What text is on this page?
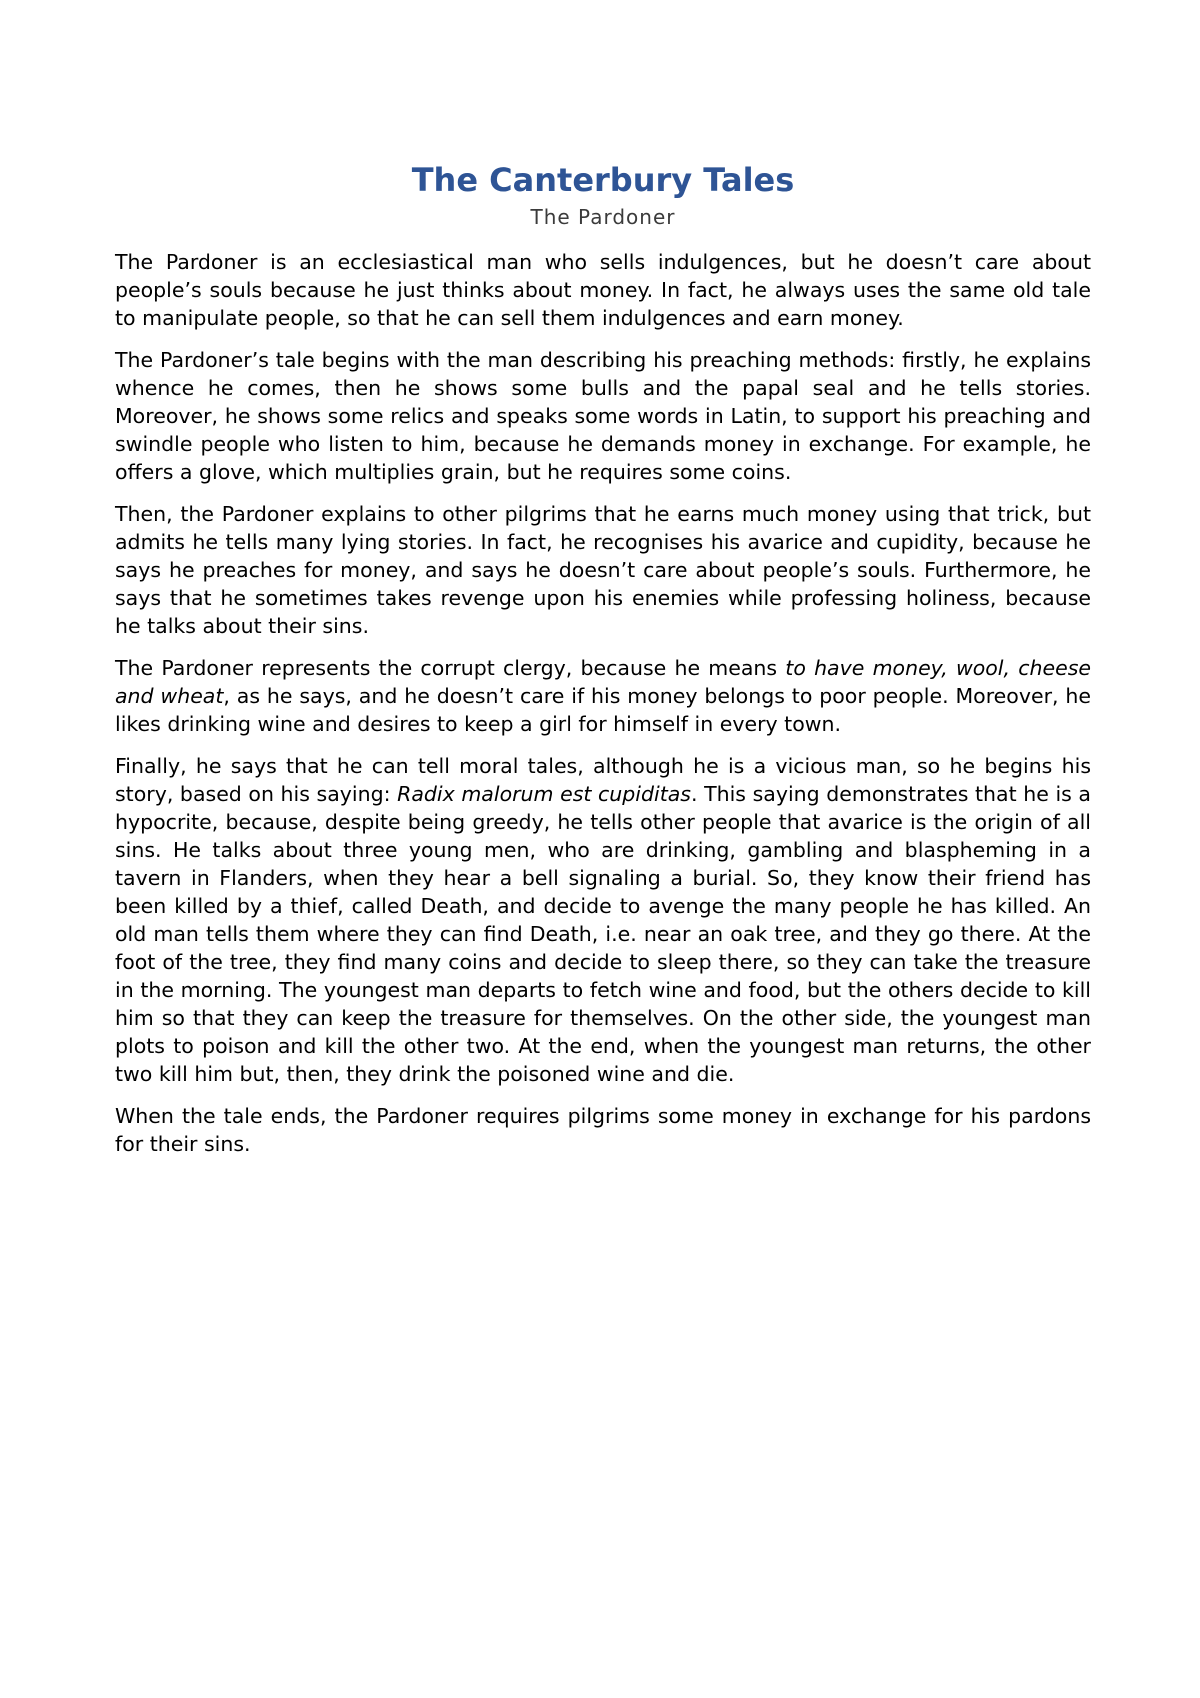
The Canterbury Tales
The Pardoner

The Pardoner is an ecclesiastical man who sells indulgences, but he doesn’t care about people’s souls because he just thinks about money. In fact, he always uses the same old tale to manipulate people, so that he can sell them indulgences and earn money.

The Pardoner’s tale begins with the man describing his preaching methods: firstly, he explains whence he comes, then he shows some bulls and the papal seal and he tells stories. Moreover, he shows some relics and speaks some words in Latin, to support his preaching and swindle people who listen to him, because he demands money in exchange. For example, he offers a glove, which multiplies grain, but he requires some coins.

Then, the Pardoner explains to other pilgrims that he earns much money using that trick, but admits he tells many lying stories. In fact, he recognises his avarice and cupidity, because he says he preaches for money, and says he doesn’t care about people’s souls. Furthermore, he says that he sometimes takes revenge upon his enemies while professing holiness, because he talks about their sins.

The Pardoner represents the corrupt clergy, because he means to have money, wool, cheese and wheat, as he says, and he doesn’t care if his money belongs to poor people. Moreover, he likes drinking wine and desires to keep a girl for himself in every town.

Finally, he says that he can tell moral tales, although he is a vicious man, so he begins his story, based on his saying: Radix malorum est cupiditas. This saying demonstrates that he is a hypocrite, because, despite being greedy, he tells other people that avarice is the origin of all sins. He talks about three young men, who are drinking, gambling and blaspheming in a tavern in Flanders, when they hear a bell signaling a burial. So, they know their friend has been killed by a thief, called Death, and decide to avenge the many people he has killed. An old man tells them where they can find Death, i.e. near an oak tree, and they go there. At the foot of the tree, they find many coins and decide to sleep there, so they can take the treasure in the morning. The youngest man departs to fetch wine and food, but the others decide to kill him so that they can keep the treasure for themselves. On the other side, the youngest man plots to poison and kill the other two. At the end, when the youngest man returns, the other two kill him but, then, they drink the poisoned wine and die.

When the tale ends, the Pardoner requires pilgrims some money in exchange for his pardons for their sins.
